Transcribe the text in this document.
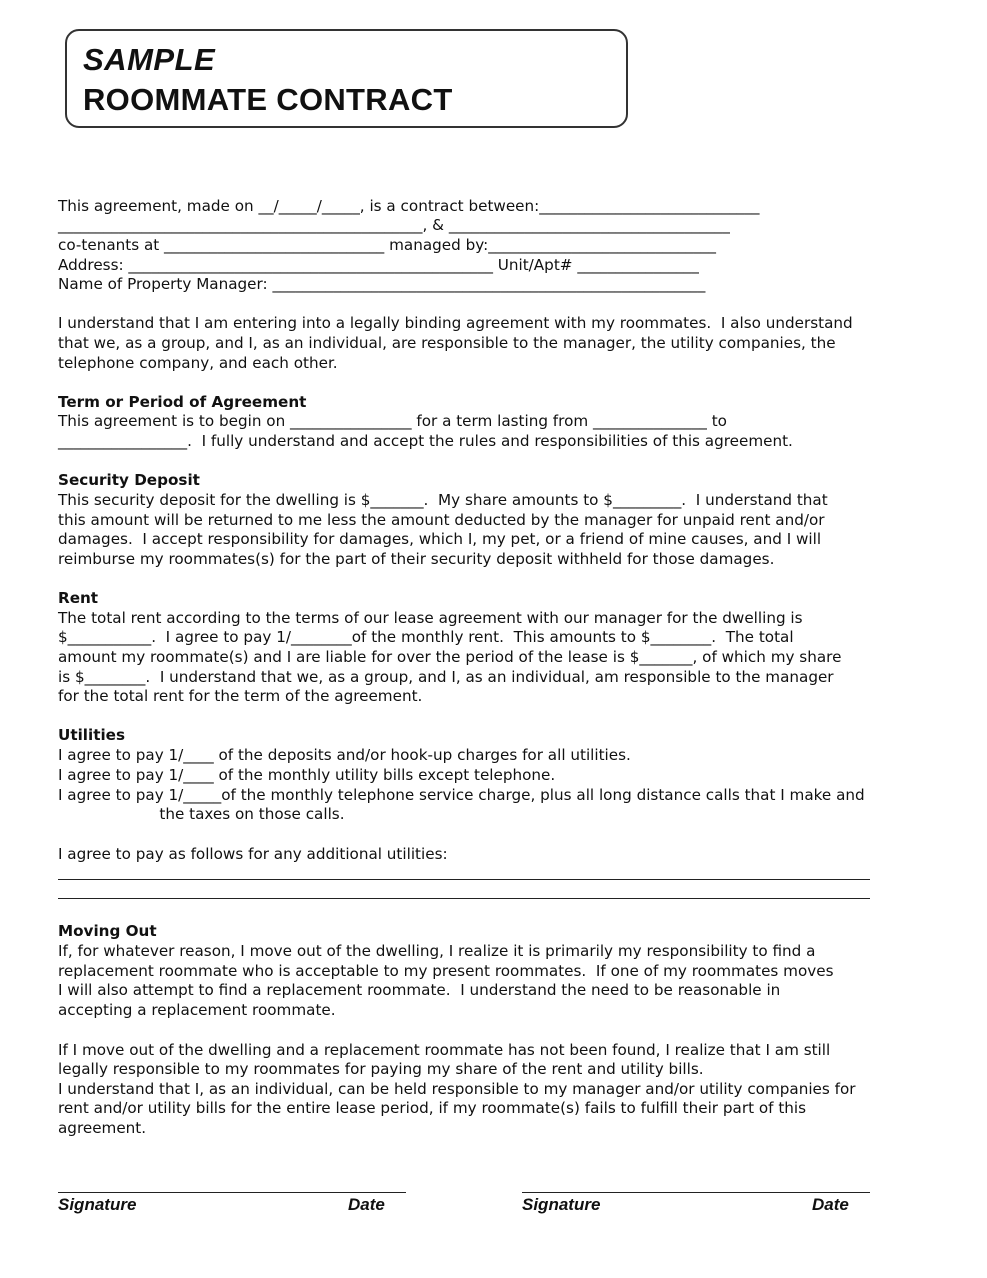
SAMPLE
ROOMMATE CONTRACT

This agreement, made on __/_____/_____, is a contract between:_____________________________

________________________________________________, & _____________________________________

co-tenants at _____________________________ managed by:______________________________

Address: ________________________________________________ Unit/Apt# ________________

Name of Property Manager: _________________________________________________________

I understand that I am entering into a legally binding agreement with my roommates.  I also understand

that we, as a group, and I, as an individual, are responsible to the manager, the utility companies, the

telephone company, and each other.

Term or Period of Agreement

This agreement is to begin on ________________ for a term lasting from _______________ to

_________________.  I fully understand and accept the rules and responsibilities of this agreement.

Security Deposit

This security deposit for the dwelling is $_______.  My share amounts to $_________.  I understand that

this amount will be returned to me less the amount deducted by the manager for unpaid rent and/or

damages.  I accept responsibility for damages, which I, my pet, or a friend of mine causes, and I will

reimburse my roommates(s) for the part of their security deposit withheld for those damages.

Rent

The total rent according to the terms of our lease agreement with our manager for the dwelling is

$___________.  I agree to pay 1/________of the monthly rent.  This amounts to $________.  The total

amount my roommate(s) and I are liable for over the period of the lease is $_______, of which my share

is $________.  I understand that we, as a group, and I, as an individual, am responsible to the manager

for the total rent for the term of the agreement.

Utilities

I agree to pay 1/____ of the deposits and/or hook-up charges for all utilities.

I agree to pay 1/____ of the monthly utility bills except telephone.

I agree to pay 1/_____of the monthly telephone service charge, plus all long distance calls that I make and

the taxes on those calls.

I agree to pay as follows for any additional utilities:

Moving Out

If, for whatever reason, I move out of the dwelling, I realize it is primarily my responsibility to find a

replacement roommate who is acceptable to my present roommates.  If one of my roommates moves

I will also attempt to find a replacement roommate.  I understand the need to be reasonable in

accepting a replacement roommate.

If I move out of the dwelling and a replacement roommate has not been found, I realize that I am still

legally responsible to my roommates for paying my share of the rent and utility bills.

I understand that I, as an individual, can be held responsible to my manager and/or utility companies for

rent and/or utility bills for the entire lease period, if my roommate(s) fails to fulfill their part of this

agreement.

Signature	Date	Signature	Date
